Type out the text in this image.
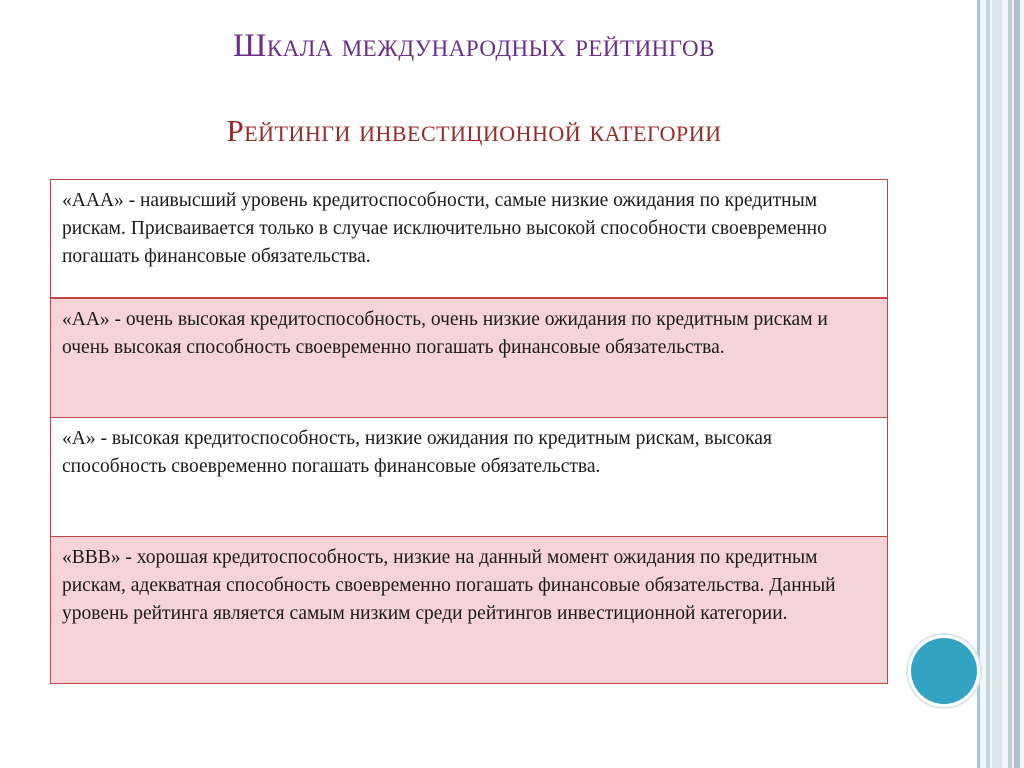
Шкала международных рейтингов
Рейтинги инвестиционной категории
«ААА» - наивысший уровень кредитоспособности, самые низкие ожидания по кредитным рискам. Присваивается только в случае исключительно высокой способности своевременно погашать финансовые обязательства.
«АА» - очень высокая кредитоспособность, очень низкие ожидания по кредитным рискам и очень высокая способность своевременно погашать финансовые обязательства.
«А» - высокая кредитоспособность, низкие ожидания по кредитным рискам, высокая способность своевременно погашать финансовые обязательства.
«ВВВ» - хорошая кредитоспособность, низкие на данный момент ожидания по кредитным рискам, адекватная способность своевременно погашать финансовые обязательства. Данный уровень рейтинга является самым низким среди рейтингов инвестиционной категории.
